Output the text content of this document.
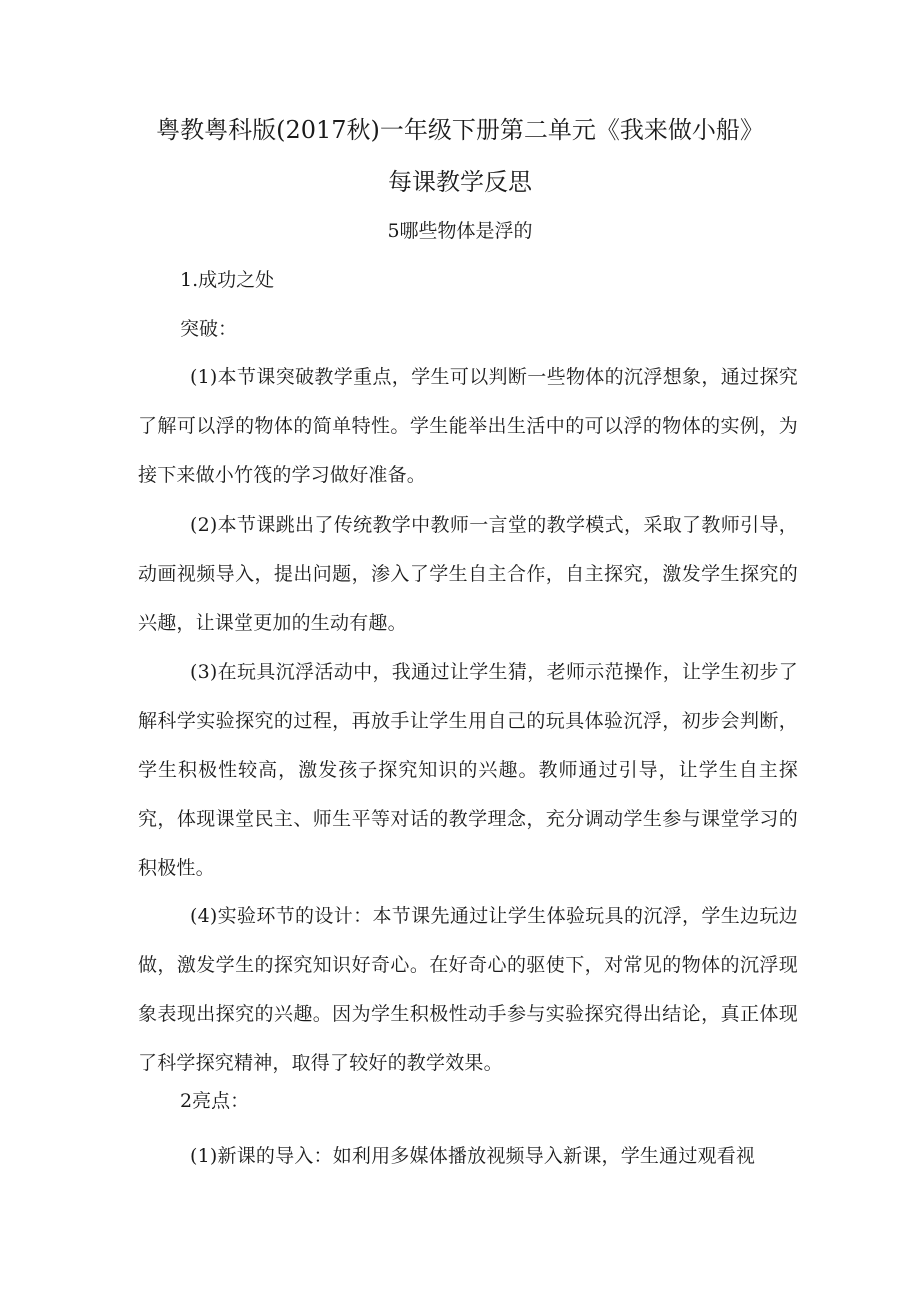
粤教粤科版(2017秋)一年级下册第二单元《我来做小船》
每课教学反思
5哪些物体是浮的
1.成功之处
突破：

(1)本节课突破教学重点，学生可以判断一些物体的沉浮想象，通过探究了解可以浮的物体的简单特性。学生能举出生活中的可以浮的物体的实例，为接下来做小竹筏的学习做好准备。

(2)本节课跳出了传统教学中教师一言堂的教学模式，采取了教师引导，动画视频导入，提出问题，渗入了学生自主合作，自主探究，激发学生探究的兴趣，让课堂更加的生动有趣。

(3)在玩具沉浮活动中，我通过让学生猜，老师示范操作，让学生初步了解科学实验探究的过程，再放手让学生用自己的玩具体验沉浮，初步会判断，学生积极性较高，激发孩子探究知识的兴趣。教师通过引导，让学生自主探究，体现课堂民主、师生平等对话的教学理念，充分调动学生参与课堂学习的积极性。

(4)实验环节的设计：本节课先通过让学生体验玩具的沉浮，学生边玩边做，激发学生的探究知识好奇心。在好奇心的驱使下，对常见的物体的沉浮现象表现出探究的兴趣。因为学生积极性动手参与实验探究得出结论，真正体现了科学探究精神，取得了较好的教学效果。

2亮点：

(1)新课的导入：如利用多媒体播放视频导入新课，学生通过观看视
